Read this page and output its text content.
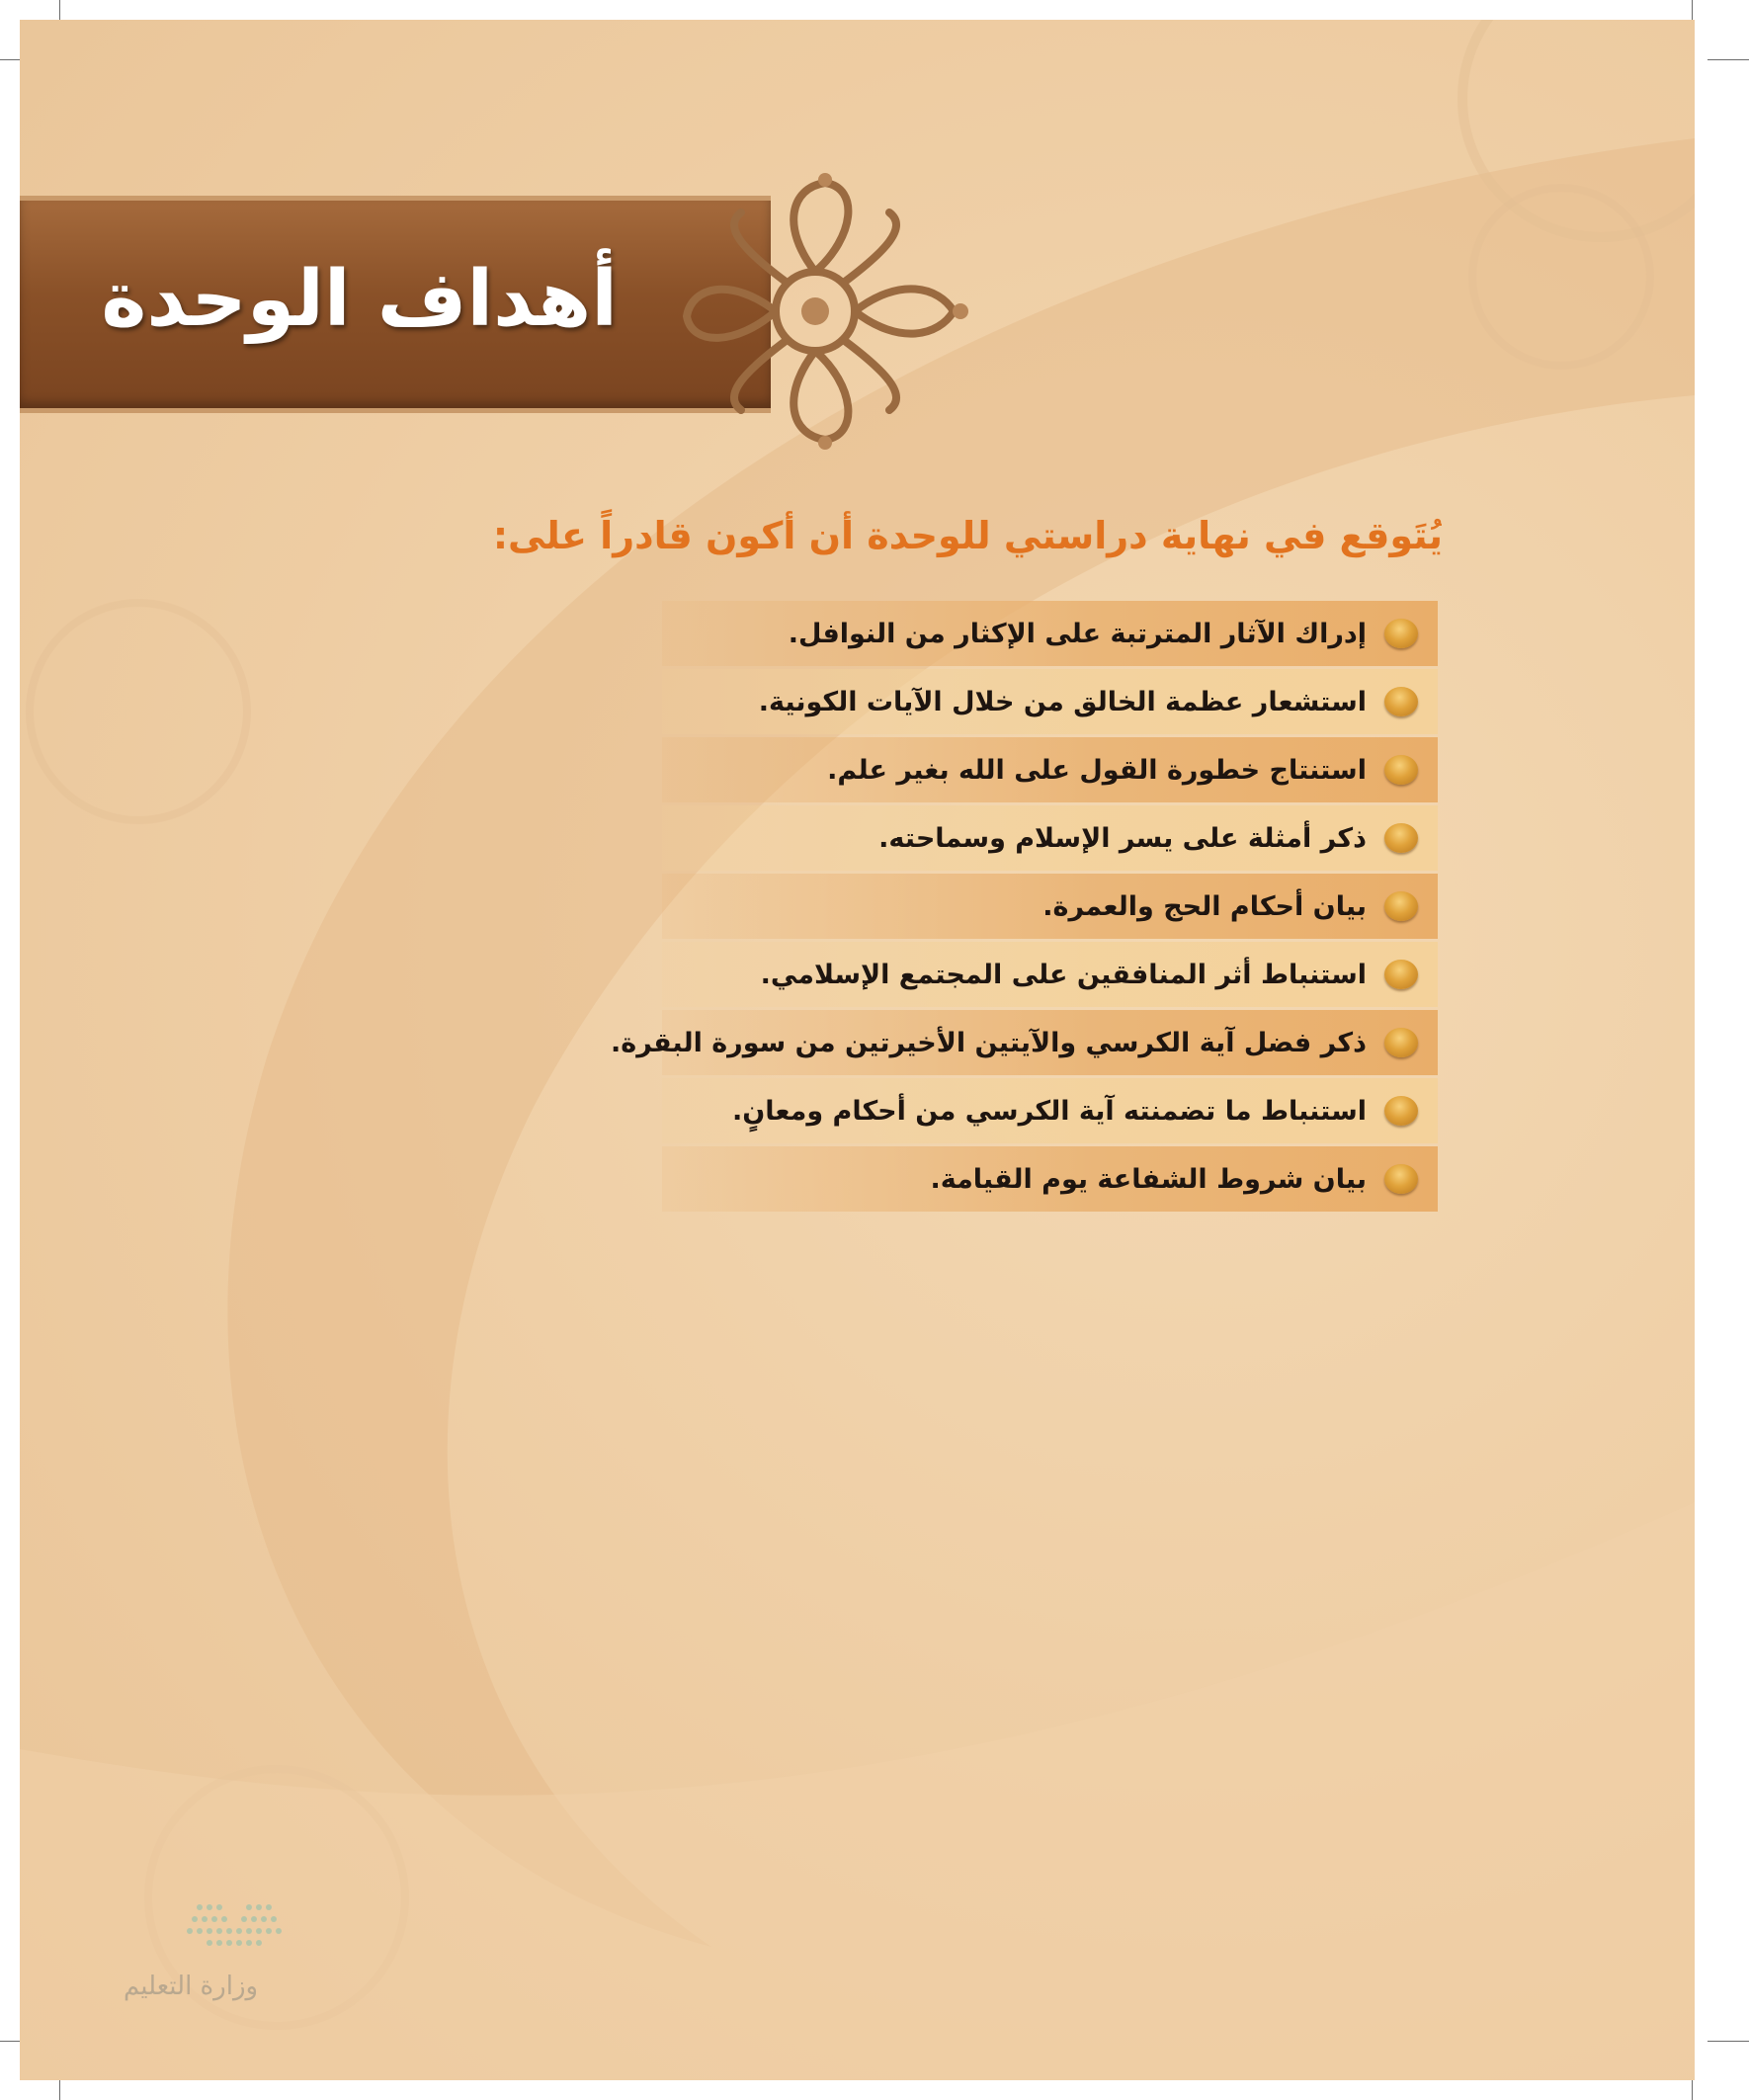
أهداف الوحدة
يُتَوقع في نهاية دراستي للوحدة أن أكون قادراً على:
إدراك الآثار المترتبة على الإكثار من النوافل.
استشعار عظمة الخالق من خلال الآيات الكونية.
استنتاج خطورة القول على الله بغير علم.
ذكر أمثلة على يسر الإسلام وسماحته.
بيان أحكام الحج والعمرة.
استنباط أثر المنافقين على المجتمع الإسلامي.
ذكر فضل آية الكرسي والآيتين الأخيرتين من سورة البقرة.
استنباط ما تضمنته آية الكرسي من أحكام ومعانٍ.
بيان شروط الشفاعة يوم القيامة.
وزارة التعليم
